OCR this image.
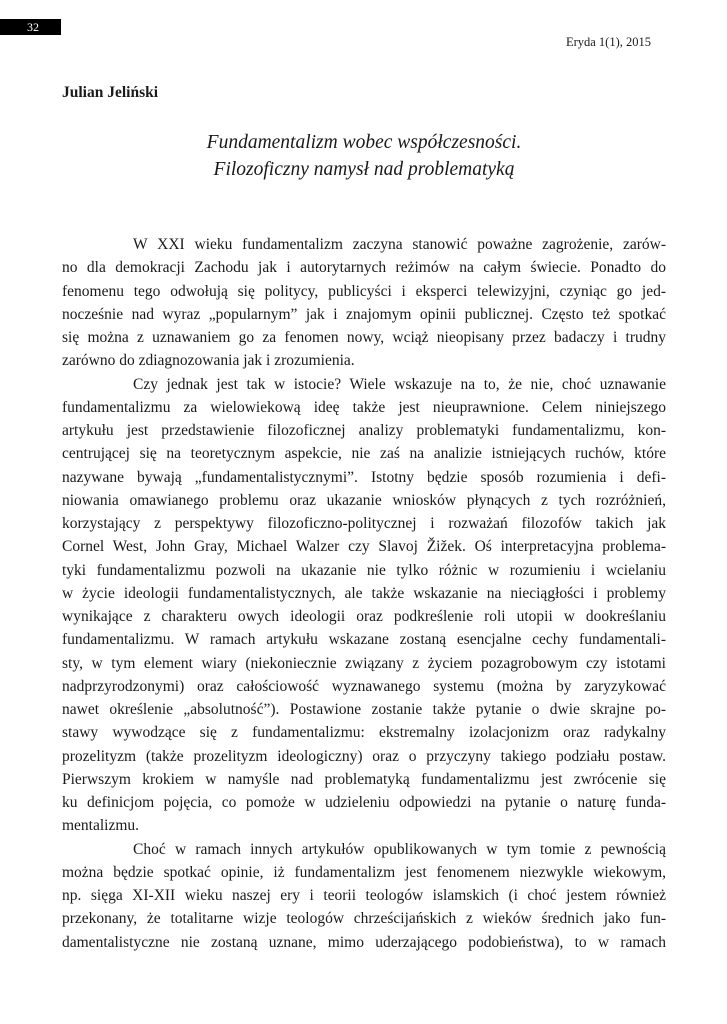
32
Eryda 1(1), 2015
Julian Jeliński
Fundamentalizm wobec współczesności.
Filozoficzny namysł nad problematyką
W XXI wieku fundamentalizm zaczyna stanowić poważne zagrożenie, zarów-
no dla demokracji Zachodu jak i autorytarnych reżimów na całym świecie. Ponadto do
fenomenu tego odwołują się politycy, publicyści i eksperci telewizyjni, czyniąc go jed-
nocześnie nad wyraz „popularnym” jak i znajomym opinii publicznej. Często też spotkać
się można z uznawaniem go za fenomen nowy, wciąż nieopisany przez badaczy i trudny
zarówno do zdiagnozowania jak i zrozumienia.
Czy jednak jest tak w istocie? Wiele wskazuje na to, że nie, choć uznawanie
fundamentalizmu za wielowiekową ideę także jest nieuprawnione. Celem niniejszego
artykułu jest przedstawienie filozoficznej analizy problematyki fundamentalizmu, kon-
centrującej się na teoretycznym aspekcie, nie zaś na analizie istniejących ruchów, które
nazywane bywają „fundamentalistycznymi”. Istotny będzie sposób rozumienia i defi-
niowania omawianego problemu oraz ukazanie wniosków płynących z tych rozróżnień,
korzystający z perspektywy filozoficzno-politycznej i rozważań filozofów takich jak
Cornel West, John Gray, Michael Walzer czy Slavoj Žižek. Oś interpretacyjna problema-
tyki fundamentalizmu pozwoli na ukazanie nie tylko różnic w rozumieniu i wcielaniu
w życie ideologii fundamentalistycznych, ale także wskazanie na nieciągłości i problemy
wynikające z charakteru owych ideologii oraz podkreślenie roli utopii w dookreślaniu
fundamentalizmu. W ramach artykułu wskazane zostaną esencjalne cechy fundamentali-
sty, w tym element wiary (niekoniecznie związany z życiem pozagrobowym czy istotami
nadprzyrodzonymi) oraz całościowość wyznawanego systemu (można by zaryzykować
nawet określenie „absolutność”). Postawione zostanie także pytanie o dwie skrajne po-
stawy wywodzące się z fundamentalizmu: ekstremalny izolacjonizm oraz radykalny
prozelityzm (także prozelityzm ideologiczny) oraz o przyczyny takiego podziału postaw.
Pierwszym krokiem w namyśle nad problematyką fundamentalizmu jest zwrócenie się
ku definicjom pojęcia, co pomoże w udzieleniu odpowiedzi na pytanie o naturę funda-
mentalizmu.
Choć w ramach innych artykułów opublikowanych w tym tomie z pewnością
można będzie spotkać opinie, iż fundamentalizm jest fenomenem niezwykle wiekowym,
np. sięga XI-XII wieku naszej ery i teorii teologów islamskich (i choć jestem również
przekonany, że totalitarne wizje teologów chrześcijańskich z wieków średnich jako fun-
damentalistyczne nie zostaną uznane, mimo uderzającego podobieństwa), to w ramach
